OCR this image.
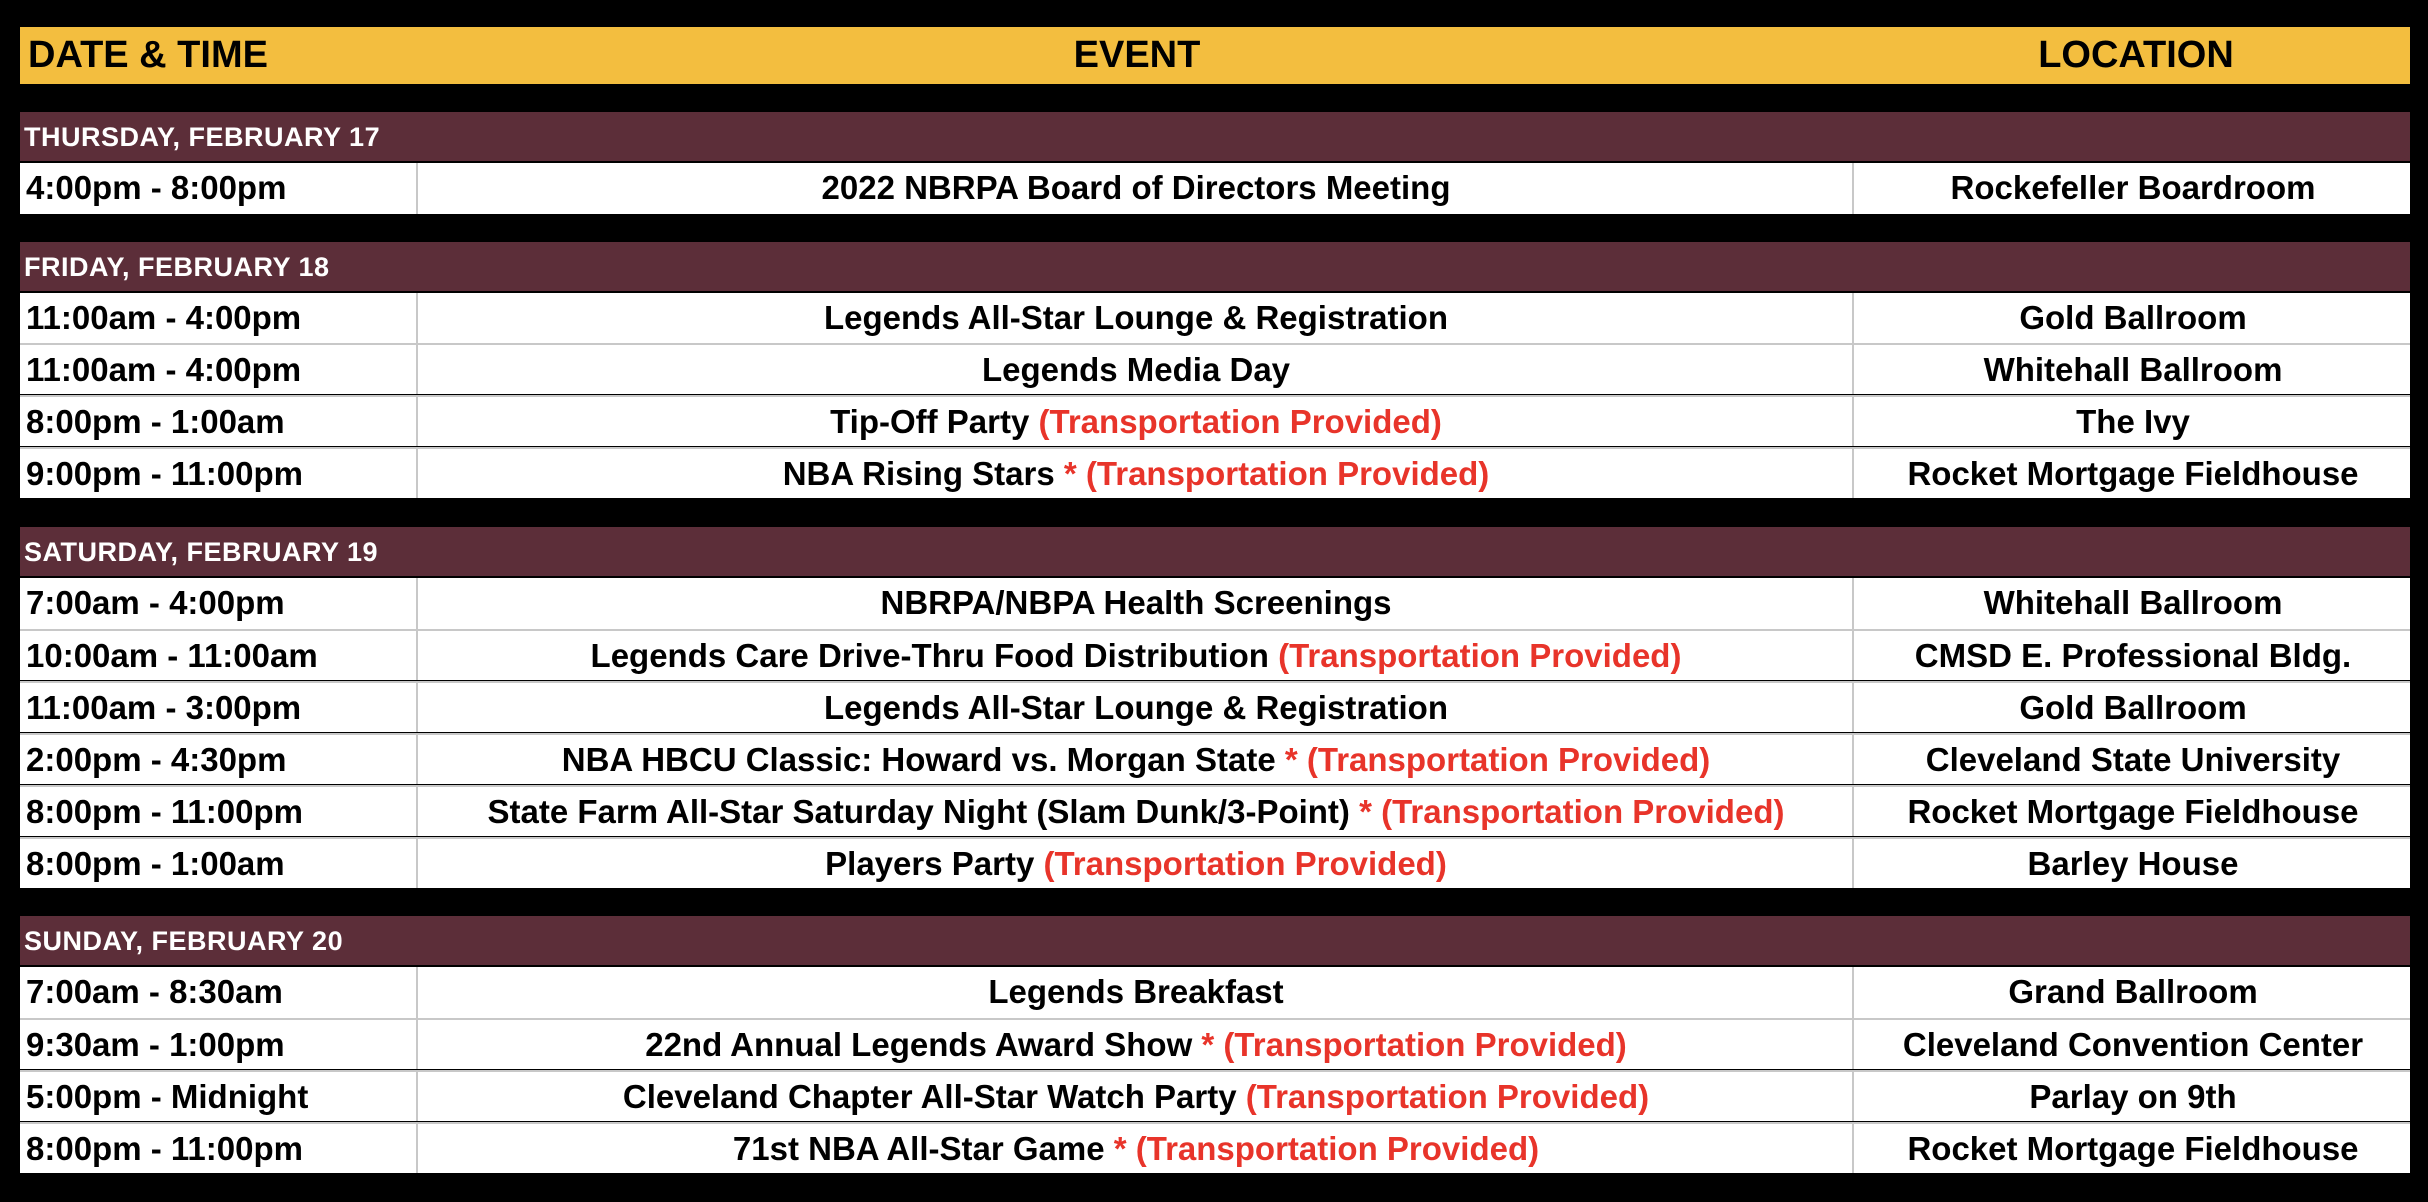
DATE & TIME	EVENT	LOCATION
THURSDAY, FEBRUARY 17
4:00pm - 8:00pm	2022 NBRPA Board of Directors Meeting	Rockefeller Boardroom
FRIDAY, FEBRUARY 18
11:00am - 4:00pm	Legends All-Star Lounge & Registration	Gold Ballroom
11:00am - 4:00pm	Legends Media Day	Whitehall Ballroom
8:00pm - 1:00am	Tip-Off Party (Transportation Provided)	The Ivy
9:00pm - 11:00pm	NBA Rising Stars * (Transportation Provided)	Rocket Mortgage Fieldhouse
SATURDAY, FEBRUARY 19
7:00am - 4:00pm	NBRPA/NBPA Health Screenings	Whitehall Ballroom
10:00am - 11:00am	Legends Care Drive-Thru Food Distribution (Transportation Provided)	CMSD E. Professional Bldg.
11:00am - 3:00pm	Legends All-Star Lounge & Registration	Gold Ballroom
2:00pm - 4:30pm	NBA HBCU Classic: Howard vs. Morgan State * (Transportation Provided)	Cleveland State University
8:00pm - 11:00pm	State Farm All-Star Saturday Night (Slam Dunk/3-Point) * (Transportation Provided)	Rocket Mortgage Fieldhouse
8:00pm - 1:00am	Players Party (Transportation Provided)	Barley House
SUNDAY, FEBRUARY 20
7:00am - 8:30am	Legends Breakfast	Grand Ballroom
9:30am - 1:00pm	22nd Annual Legends Award Show * (Transportation Provided)	Cleveland Convention Center
5:00pm - Midnight	Cleveland Chapter All-Star Watch Party (Transportation Provided)	Parlay on 9th
8:00pm - 11:00pm	71st NBA All-Star Game * (Transportation Provided)	Rocket Mortgage Fieldhouse
